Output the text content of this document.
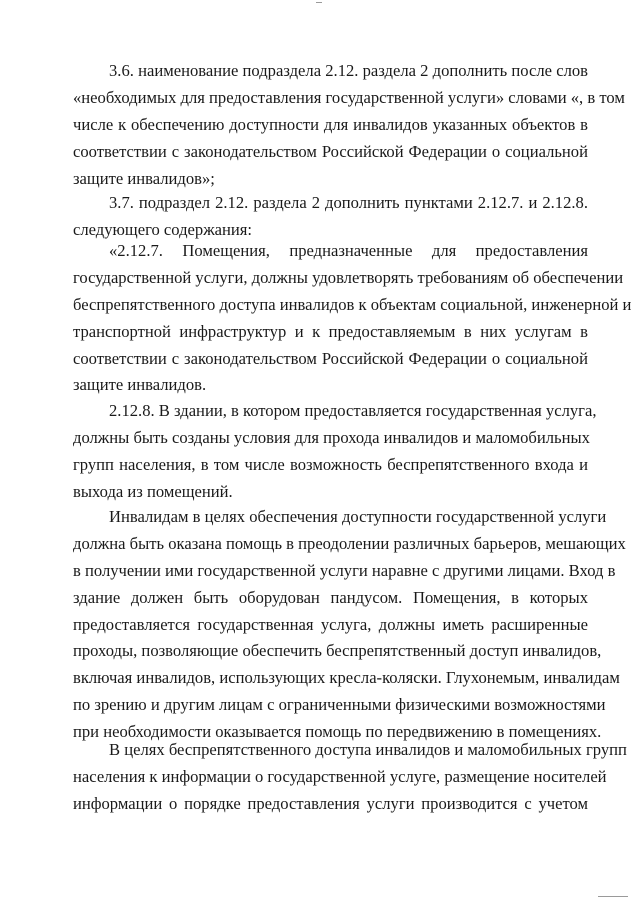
3.6. наименование подраздела 2.12. раздела 2 дополнить после слов
«необходимых для предоставления государственной услуги» словами «, в том
числе к обеспечению доступности для инвалидов указанных объектов в
соответствии с законодательством Российской Федерации о социальной
защите инвалидов»;
3.7. подраздел 2.12. раздела 2 дополнить пунктами 2.12.7. и 2.12.8.
следующего содержания:
«2.12.7. Помещения, предназначенные для предоставления
государственной услуги, должны удовлетворять требованиям об обеспечении
беспрепятственного доступа инвалидов к объектам социальной, инженерной и
транспортной инфраструктур и к предоставляемым в них услугам в
соответствии с законодательством Российской Федерации о социальной
защите инвалидов.
2.12.8. В здании, в котором предоставляется государственная услуга,
должны быть созданы условия для прохода инвалидов и маломобильных
групп населения, в том числе возможность беспрепятственного входа и
выхода из помещений.
Инвалидам в целях обеспечения доступности государственной услуги
должна быть оказана помощь в преодолении различных барьеров, мешающих
в получении ими государственной услуги наравне с другими лицами. Вход в
здание должен быть оборудован пандусом. Помещения, в которых
предоставляется государственная услуга, должны иметь расширенные
проходы, позволяющие обеспечить беспрепятственный доступ инвалидов,
включая инвалидов, использующих кресла-коляски. Глухонемым, инвалидам
по зрению и другим лицам с ограниченными физическими возможностями
при необходимости оказывается помощь по передвижению в помещениях.
В целях беспрепятственного доступа инвалидов и маломобильных групп
населения к информации о государственной услуге, размещение носителей
информации о порядке предоставления услуги производится с учетом
